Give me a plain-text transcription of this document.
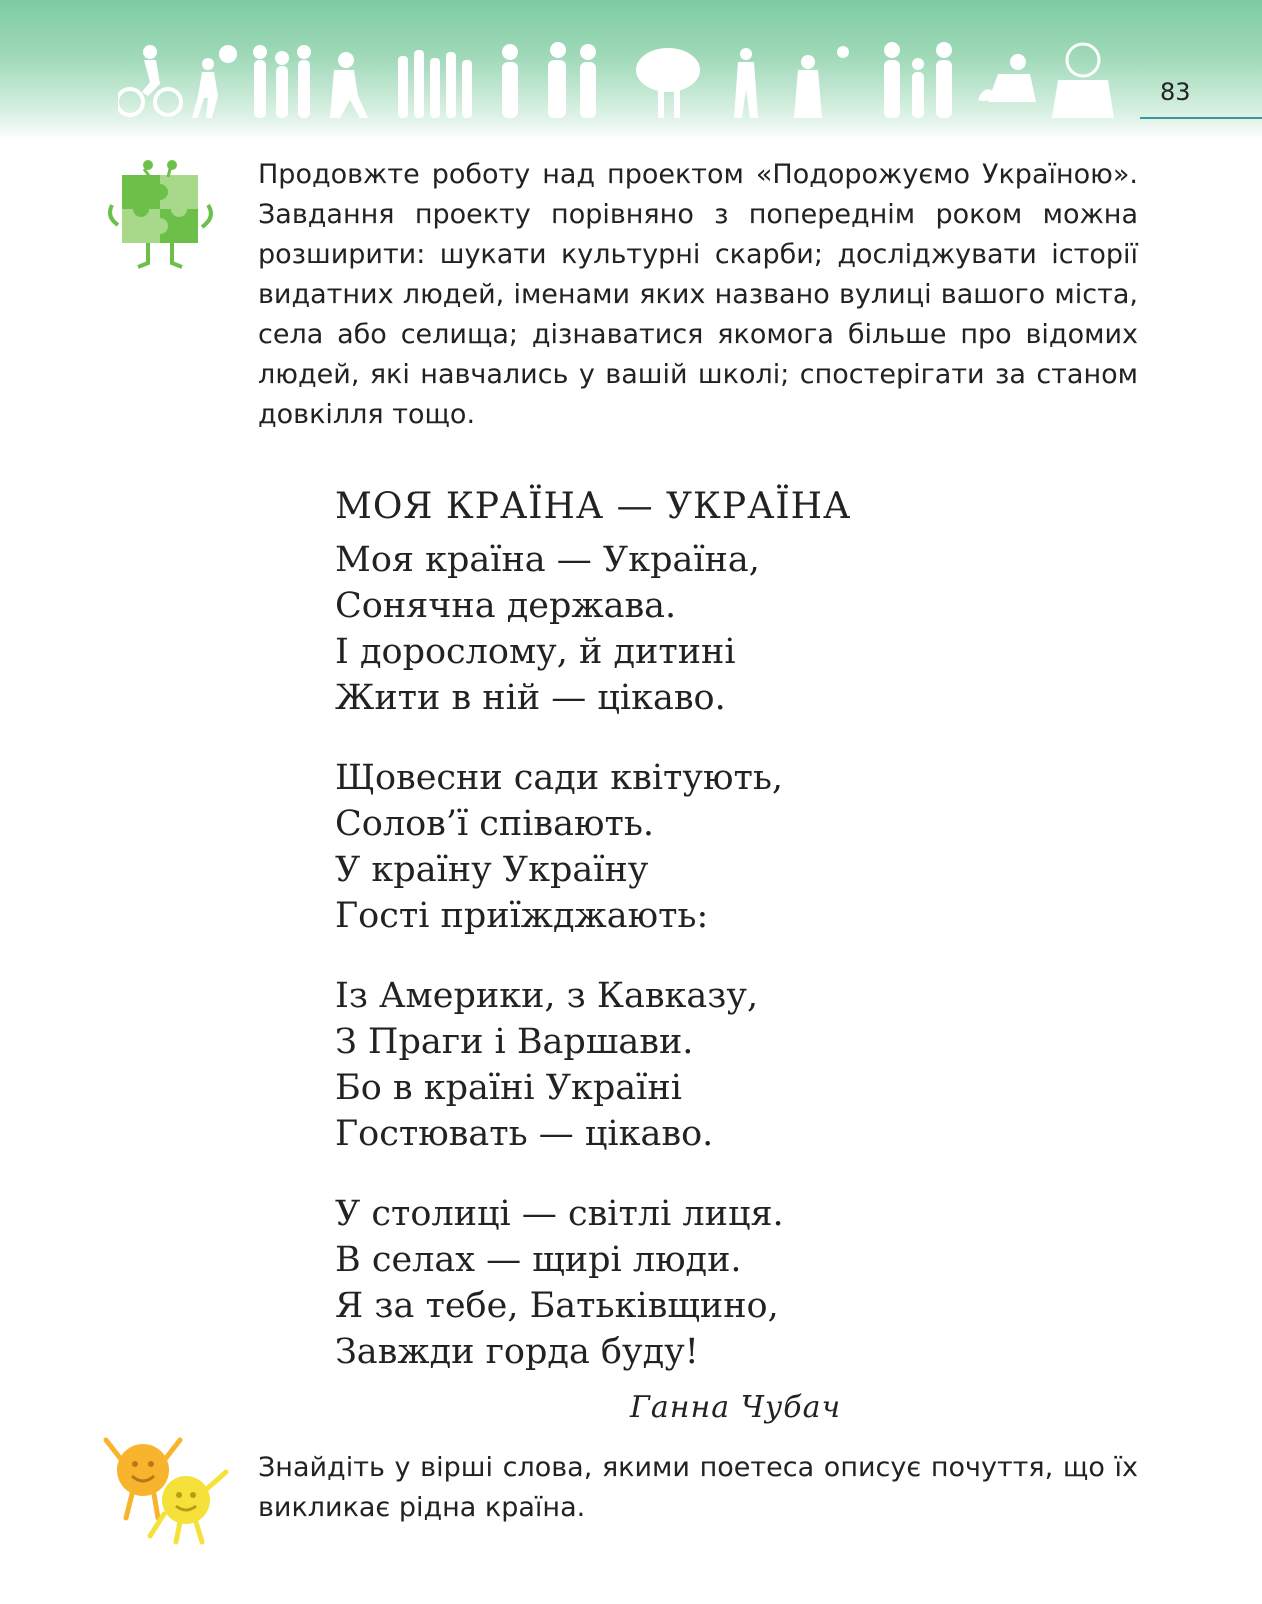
83
Продовжте роботу над проектом «Подорожуємо Україною». Завдання проекту порівняно з попереднім роком можна розширити: шукати культурні скарби; досліджувати історії видатних людей, іменами яких названо вулиці вашого міста, села або селища; дізнаватися якомога більше про відомих людей, які навчались у вашій школі; спостерігати за станом довкілля тощо.
МОЯ КРАЇНА — УКРАЇНА
Моя країна — Україна,
Сонячна держава.
І дорослому, й дитині
Жити в ній — цікаво.
Щовесни сади квітують,
Солов’ї співають.
У країну Україну
Гості приїжджають:
Із Америки, з Кавказу,
З Праги і Варшави.
Бо в країні Україні
Гостювать — цікаво.
У столиці — світлі лиця.
В селах — щирі люди.
Я за тебе, Батьківщино,
Завжди горда буду!
Ганна Чубач
Знайдіть у вірші слова, якими поетеса описує почуття, що їх викликає рідна країна.
